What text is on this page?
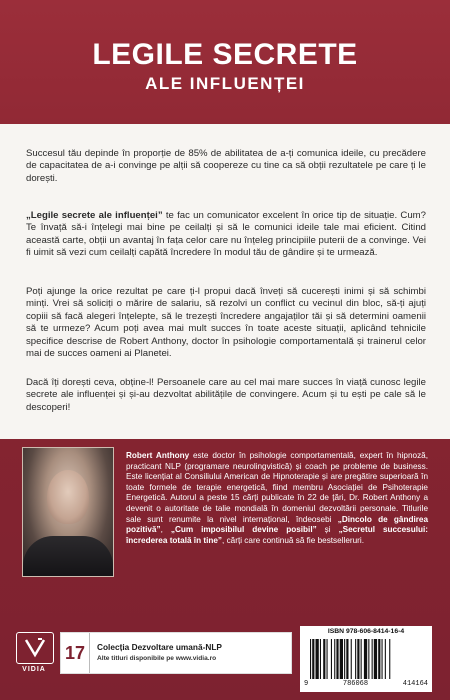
LEGILE SECRETE
ALE INFLUENȚEI

Succesul tău depinde în proporție de 85% de abilitatea de a-ți comunica ideile, cu precădere de capacitatea de a-i convinge pe alții să coopereze cu tine ca să obții rezultatele pe care ți le dorești.

„Legile secrete ale influenței” te fac un comunicator excelent în orice tip de situație. Cum? Te învață să-i înțelegi mai bine pe ceilalți și să le comunici ideile tale mai eficient. Citind această carte, obții un avantaj în fața celor care nu înțeleg principiile puterii de a convinge. Vei fi uimit să vezi cum ceilalți capătă încredere în modul tău de gândire și te urmează.

Poți ajunge la orice rezultat pe care ți-l propui dacă înveți să cucerești inimi și să schimbi minți. Vrei să soliciți o mărire de salariu, să rezolvi un conflict cu vecinul din bloc, să-ți ajuți copiii să facă alegeri înțelepte, să le trezești încredere angajaților tăi și să determini oamenii să te urmeze? Acum poți avea mai mult succes în toate aceste situații, aplicând tehnicile specifice descrise de Robert Anthony, doctor în psihologie comportamentală și trainerul celor mai de succes oameni ai Planetei.

Dacă îți dorești ceva, obține-l! Persoanele care au cel mai mare succes în viață cunosc legile secrete ale influenței și și-au dezvoltat abilitățile de convingere. Acum și tu ești pe cale să le descoperi!

Robert Anthony este doctor în psihologie comportamentală, expert în hipnoză, practicant NLP (programare neurolingvistică) și coach pe probleme de business. Este licențiat al Consiliului American de Hipnoterapie și are pregătire superioară în toate formele de terapie energetică, fiind membru Asociației de Psihoterapie Energetică. Autorul a peste 15 cărți publicate în 22 de țări, Dr. Robert Anthony a devenit o autoritate de talie mondială în domeniul dezvoltării personale. Titlurile sale sunt renumite la nivel internațional, îndeosebi „Dincolo de gândirea pozitivă”, „Cum imposibilul devine posibil” și „Secretul succesului: încrederea totală în tine”, cărți care continuă să fie bestselleruri.

VIDIA
17	Colecția Dezvoltare umană-NLP
Alte titluri disponibile pe www.vidia.ro
ISBN 978-606-8414-16-4
9	786068	414164
